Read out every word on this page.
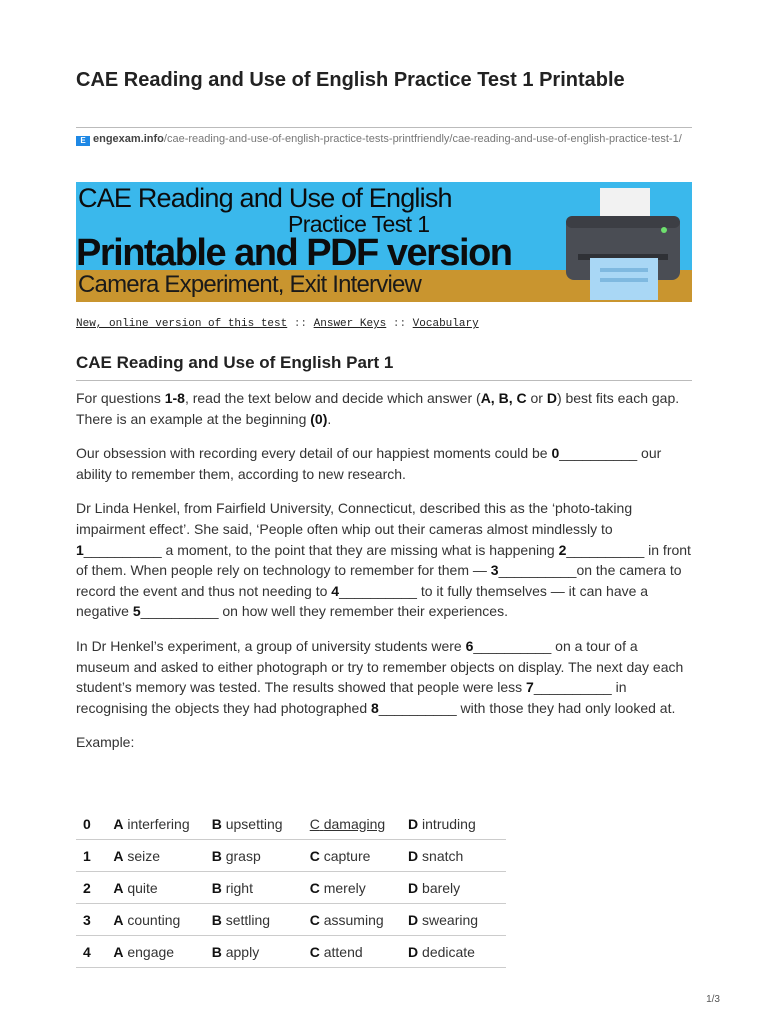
CAE Reading and Use of English Practice Test 1 Printable
E engexam.info/cae-reading-and-use-of-english-practice-tests-printfriendly/cae-reading-and-use-of-english-practice-test-1/
CAE Reading and Use of English
Practice Test 1
Printable and PDF version
Camera Experiment, Exit Interview
New, online version of this test :: Answer Keys :: Vocabulary
CAE Reading and Use of English Part 1

For questions 1-8, read the text below and decide which answer (A, B, C or D) best fits each gap. There is an example at the beginning (0).

Our obsession with recording every detail of our happiest moments could be 0__________ our ability to remember them, according to new research.

Dr Linda Henkel, from Fairfield University, Connecticut, described this as the ‘photo-taking impairment effect’. She said, ‘People often whip out their cameras almost mindlessly to 1__________ a moment, to the point that they are missing what is happening 2__________ in front of them. When people rely on technology to remember for them — 3__________on the camera to record the event and thus not needing to 4__________ to it fully themselves — it can have a negative 5__________ on how well they remember their experiences.

In Dr Henkel’s experiment, a group of university students were 6__________ on a tour of a museum and asked to either photograph or try to remember objects on display. The next day each student’s memory was tested. The results showed that people were less 7__________ in recognising the objects they had photographed 8__________ with those they had only looked at.

Example:

0	A interfering	B upsetting	C damaging	D intruding
1	A seize	B grasp	C capture	D snatch
2	A quite	B right	C merely	D barely
3	A counting	B settling	C assuming	D swearing
4	A engage	B apply	C attend	D dedicate
1/3
